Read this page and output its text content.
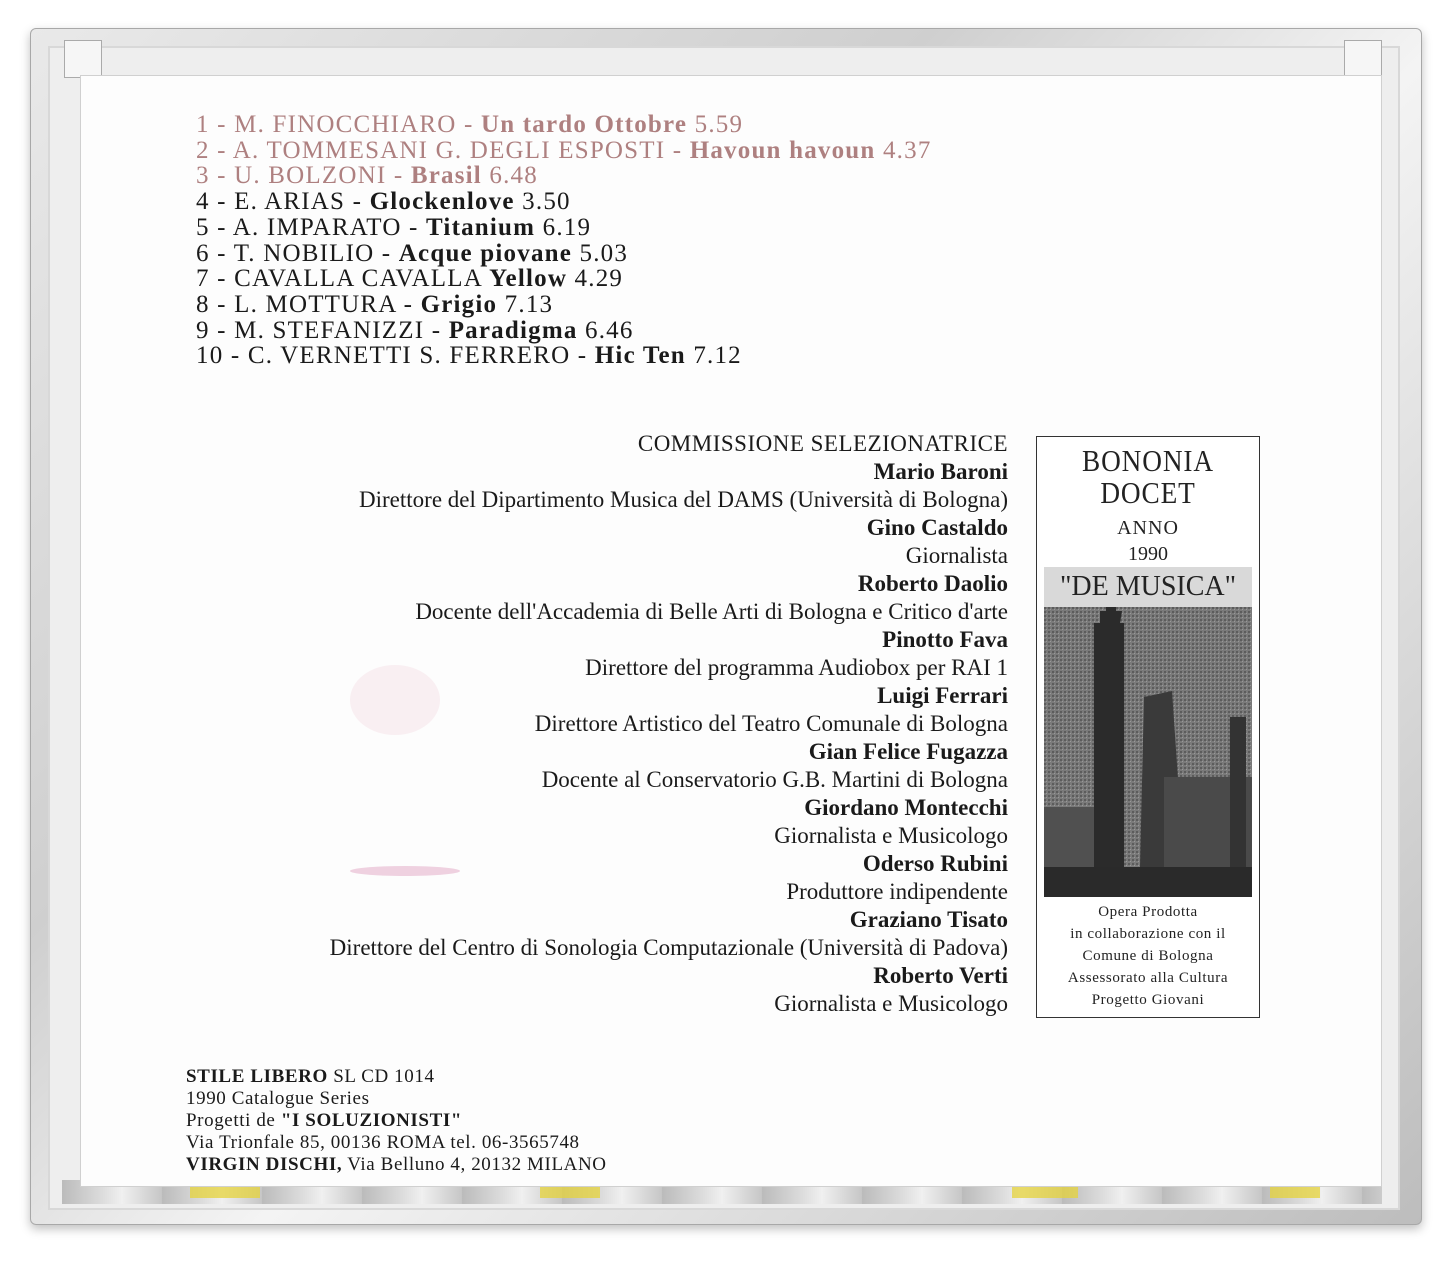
1 - M. FINOCCHIARO - Un tardo Ottobre 5.59
2 - A. TOMMESANI G. DEGLI ESPOSTI - Havoun havoun 4.37
3 - U. BOLZONI - Brasil 6.48
4 - E. ARIAS - Glockenlove 3.50
5 - A. IMPARATO - Titanium 6.19
6 - T. NOBILIO - Acque piovane 5.03
7 - CAVALLA CAVALLA Yellow 4.29
8 - L. MOTTURA - Grigio 7.13
9 - M. STEFANIZZI - Paradigma 6.46
10 - C. VERNETTI S. FERRERO - Hic Ten 7.12
COMMISSIONE SELEZIONATRICE
Mario Baroni
Direttore del Dipartimento Musica del DAMS (Università di Bologna)
Gino Castaldo
Giornalista
Roberto Daolio
Docente dell'Accademia di Belle Arti di Bologna e Critico d'arte
Pinotto Fava
Direttore del programma Audiobox per RAI 1
Luigi Ferrari
Direttore Artistico del Teatro Comunale di Bologna
Gian Felice Fugazza
Docente al Conservatorio G.B. Martini di Bologna
Giordano Montecchi
Giornalista e Musicologo
Oderso Rubini
Produttore indipendente
Graziano Tisato
Direttore del Centro di Sonologia Computazionale (Università di Padova)
Roberto Verti
Giornalista e Musicologo
BONONIA
DOCET
ANNO
1990
"DE MUSICA"
Opera Prodotta
in collaborazione con il
Comune di Bologna
Assessorato alla Cultura
Progetto Giovani
STILE LIBERO SL CD 1014
1990 Catalogue Series
Progetti de "I SOLUZIONISTI"
Via Trionfale 85, 00136 ROMA tel. 06-3565748
VIRGIN DISCHI, Via Belluno 4, 20132 MILANO
